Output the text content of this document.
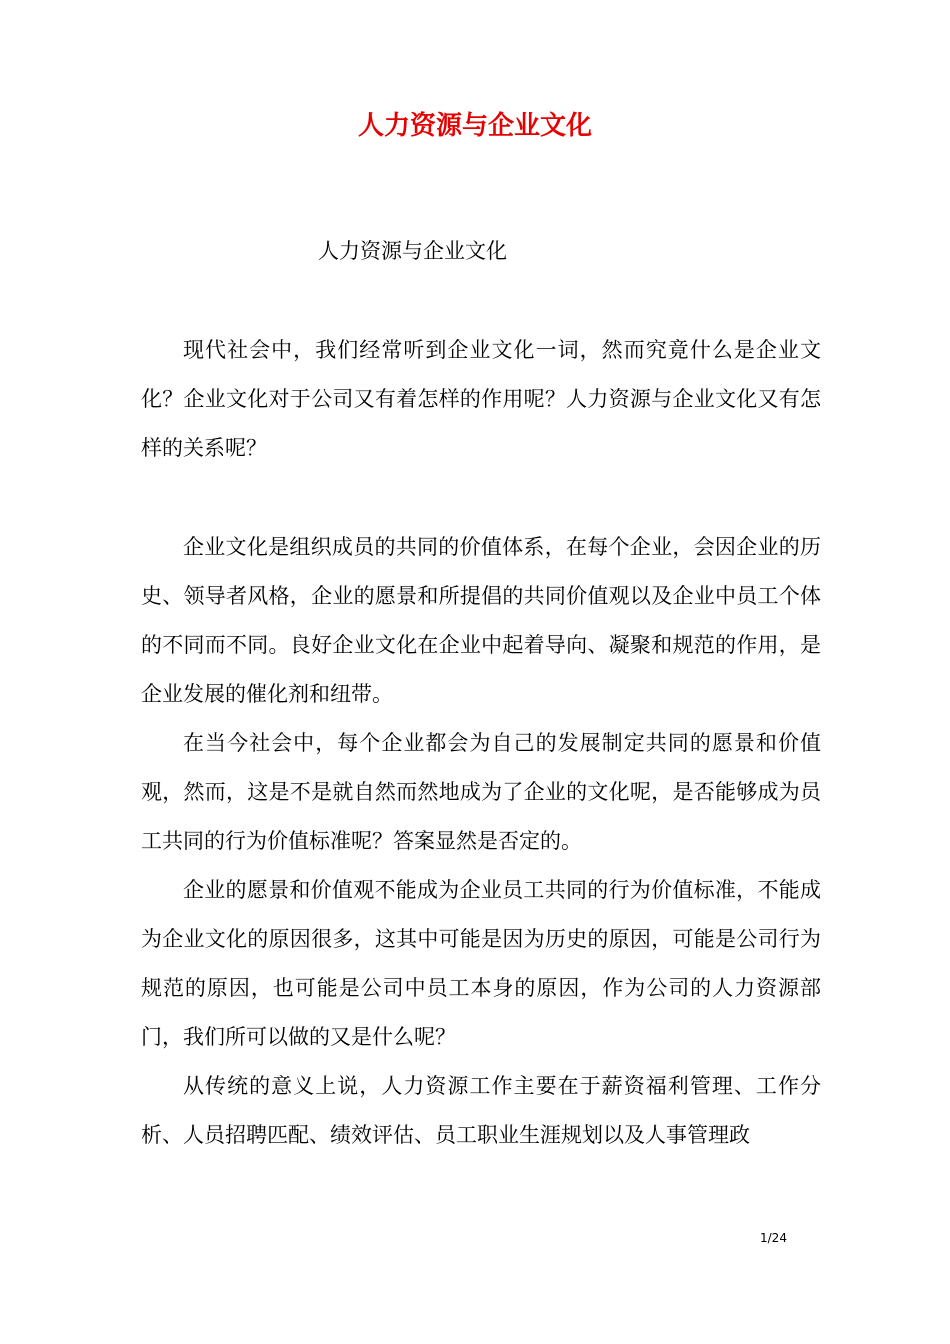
人力资源与企业文化
人力资源与企业文化

现代社会中，我们经常听到企业文化一词，然而究竟什么是企业文化？企业文化对于公司又有着怎样的作用呢？人力资源与企业文化又有怎样的关系呢？

企业文化是组织成员的共同的价值体系，在每个企业，会因企业的历史、领导者风格，企业的愿景和所提倡的共同价值观以及企业中员工个体的不同而不同。良好企业文化在企业中起着导向、凝聚和规范的作用，是企业发展的催化剂和纽带。

在当今社会中，每个企业都会为自己的发展制定共同的愿景和价值观，然而，这是不是就自然而然地成为了企业的文化呢，是否能够成为员工共同的行为价值标准呢？答案显然是否定的。

企业的愿景和价值观不能成为企业员工共同的行为价值标准，不能成为企业文化的原因很多，这其中可能是因为历史的原因，可能是公司行为规范的原因，也可能是公司中员工本身的原因，作为公司的人力资源部门，我们所可以做的又是什么呢？

从传统的意义上说，人力资源工作主要在于薪资福利管理、工作分析、人员招聘匹配、绩效评估、员工职业生涯规划以及人事管理政

1/24
